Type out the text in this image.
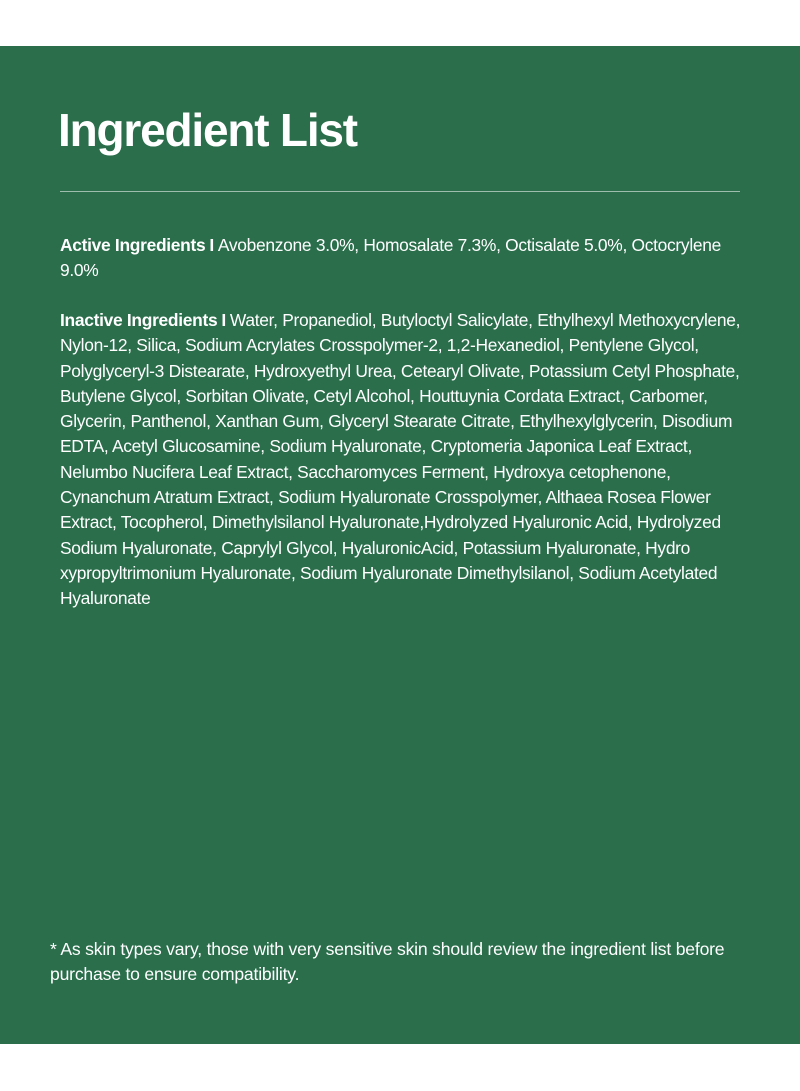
Ingredient List

Active Ingredients I Avobenzone 3.0%, Homosalate 7.3%, Octisalate 5.0%, Octocrylene 9.0%

Inactive Ingredients I Water, Propanediol, Butyloctyl Salicylate, Ethylhexyl Methoxycrylene, Nylon-12, Silica, Sodium Acrylates Crosspolymer-2, 1,2-Hexanediol, Pentylene Glycol, Polyglyceryl-3 Distearate, Hydroxyethyl Urea, Cetearyl Olivate, Potassium Cetyl Phosphate, Butylene Glycol, Sorbitan Olivate, Cetyl Alcohol, Houttuynia Cordata Extract, Carbomer, Glycerin, Panthenol, Xanthan Gum, Glyceryl Stearate Citrate, Ethylhexylglycerin, Disodium EDTA, Acetyl Glucosamine, Sodium Hyaluronate, Cryptomeria Japonica Leaf Extract, Nelumbo Nucifera Leaf Extract, Saccharomyces Ferment, Hydroxya cetophenone, Cynanchum Atratum Extract, Sodium Hyaluronate Crosspolymer, Althaea Rosea Flower Extract, Tocopherol, Dimethylsilanol Hyaluronate,Hydrolyzed Hyaluronic Acid, Hydrolyzed Sodium Hyaluronate, Caprylyl Glycol, HyaluronicAcid, Potassium Hyaluronate, Hydro xypropyltrimonium Hyaluronate, Sodium Hyaluronate Dimethylsilanol, Sodium Acetylated Hyaluronate

* As skin types vary, those with very sensitive skin should review the ingredient list before purchase to ensure compatibility.
